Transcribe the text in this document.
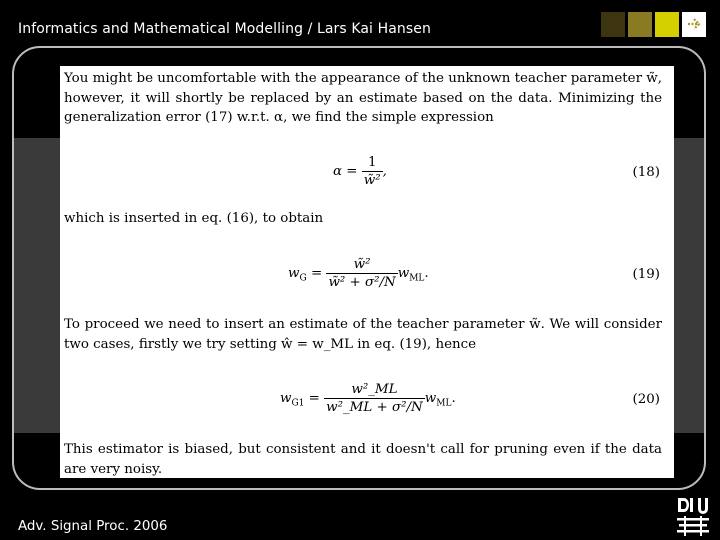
Informatics and Mathematical Modelling / Lars Kai Hansen
You might be uncomfortable with the appearance of the unknown teacher parameter w̃, however, it will shortly be replaced by an estimate based on the data. Minimizing the generalization error (17) w.r.t. α, we find the simple expression
$\alpha = \frac{1}{\text{w̃²}}$ ,	(18)
which is inserted in eq. (16), to obtain
$w_G = \frac{\text{w̃²}}{\text{w̃² + σ²/N}} w_{ML}$.	(19)
To proceed we need to insert an estimate of the teacher parameter w̃. We will consider two cases, firstly we try setting ŵ = w_ML in eq. (19), hence
$w_{G1} = \frac{\text{w²\_ML}}{\text{w²\_ML + σ²/N}} w_{ML}$.	(20)
This estimator is biased, but consistent and it doesn't call for pruning even if the data are very noisy.
Adv. Signal Proc. 2006
